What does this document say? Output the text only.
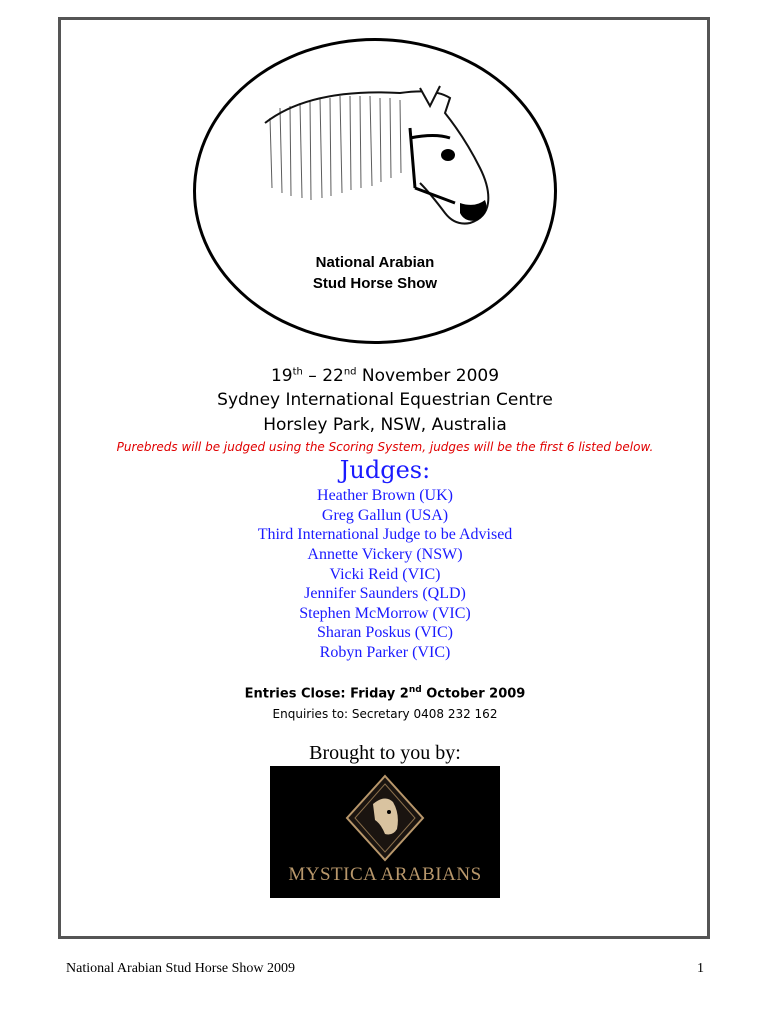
National Arabian
Stud Horse Show

19th – 22nd November 2009

Sydney International Equestrian Centre

Horsley Park, NSW, Australia

Purebreds will be judged using the Scoring System, judges will be the first 6 listed below.

Judges:

Heather Brown (UK)

Greg Gallun (USA)

Third International Judge to be Advised

Annette Vickery (NSW)

Vicki Reid (VIC)

Jennifer Saunders (QLD)

Stephen McMorrow (VIC)

Sharan Poskus (VIC)

Robyn Parker (VIC)

Entries Close: Friday 2nd October 2009

Enquiries to: Secretary 0408 232 162

Brought to you by:

MYSTICA ARABIANS
National Arabian Stud Horse Show 2009	1
